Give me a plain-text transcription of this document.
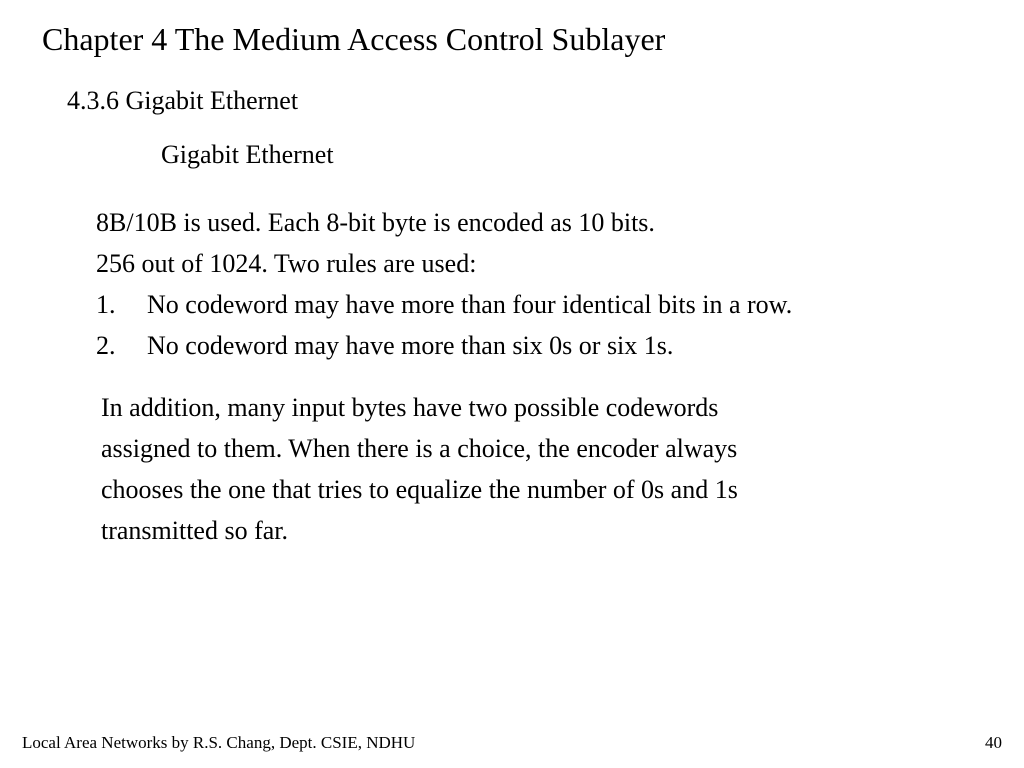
Chapter 4 The Medium Access Control Sublayer
4.3.6 Gigabit Ethernet
Gigabit Ethernet
8B/10B is used. Each 8-bit byte is encoded as 10 bits.
256 out of 1024. Two rules are used:
1. No codeword may have more than four identical bits in a row.
2. No codeword may have more than six 0s or six 1s.
In addition, many input bytes have two possible codewords
assigned to them. When there is a choice, the encoder always
chooses the one that tries to equalize the number of 0s and 1s
transmitted so far.
Local Area Networks by R.S. Chang, Dept. CSIE, NDHU	40
